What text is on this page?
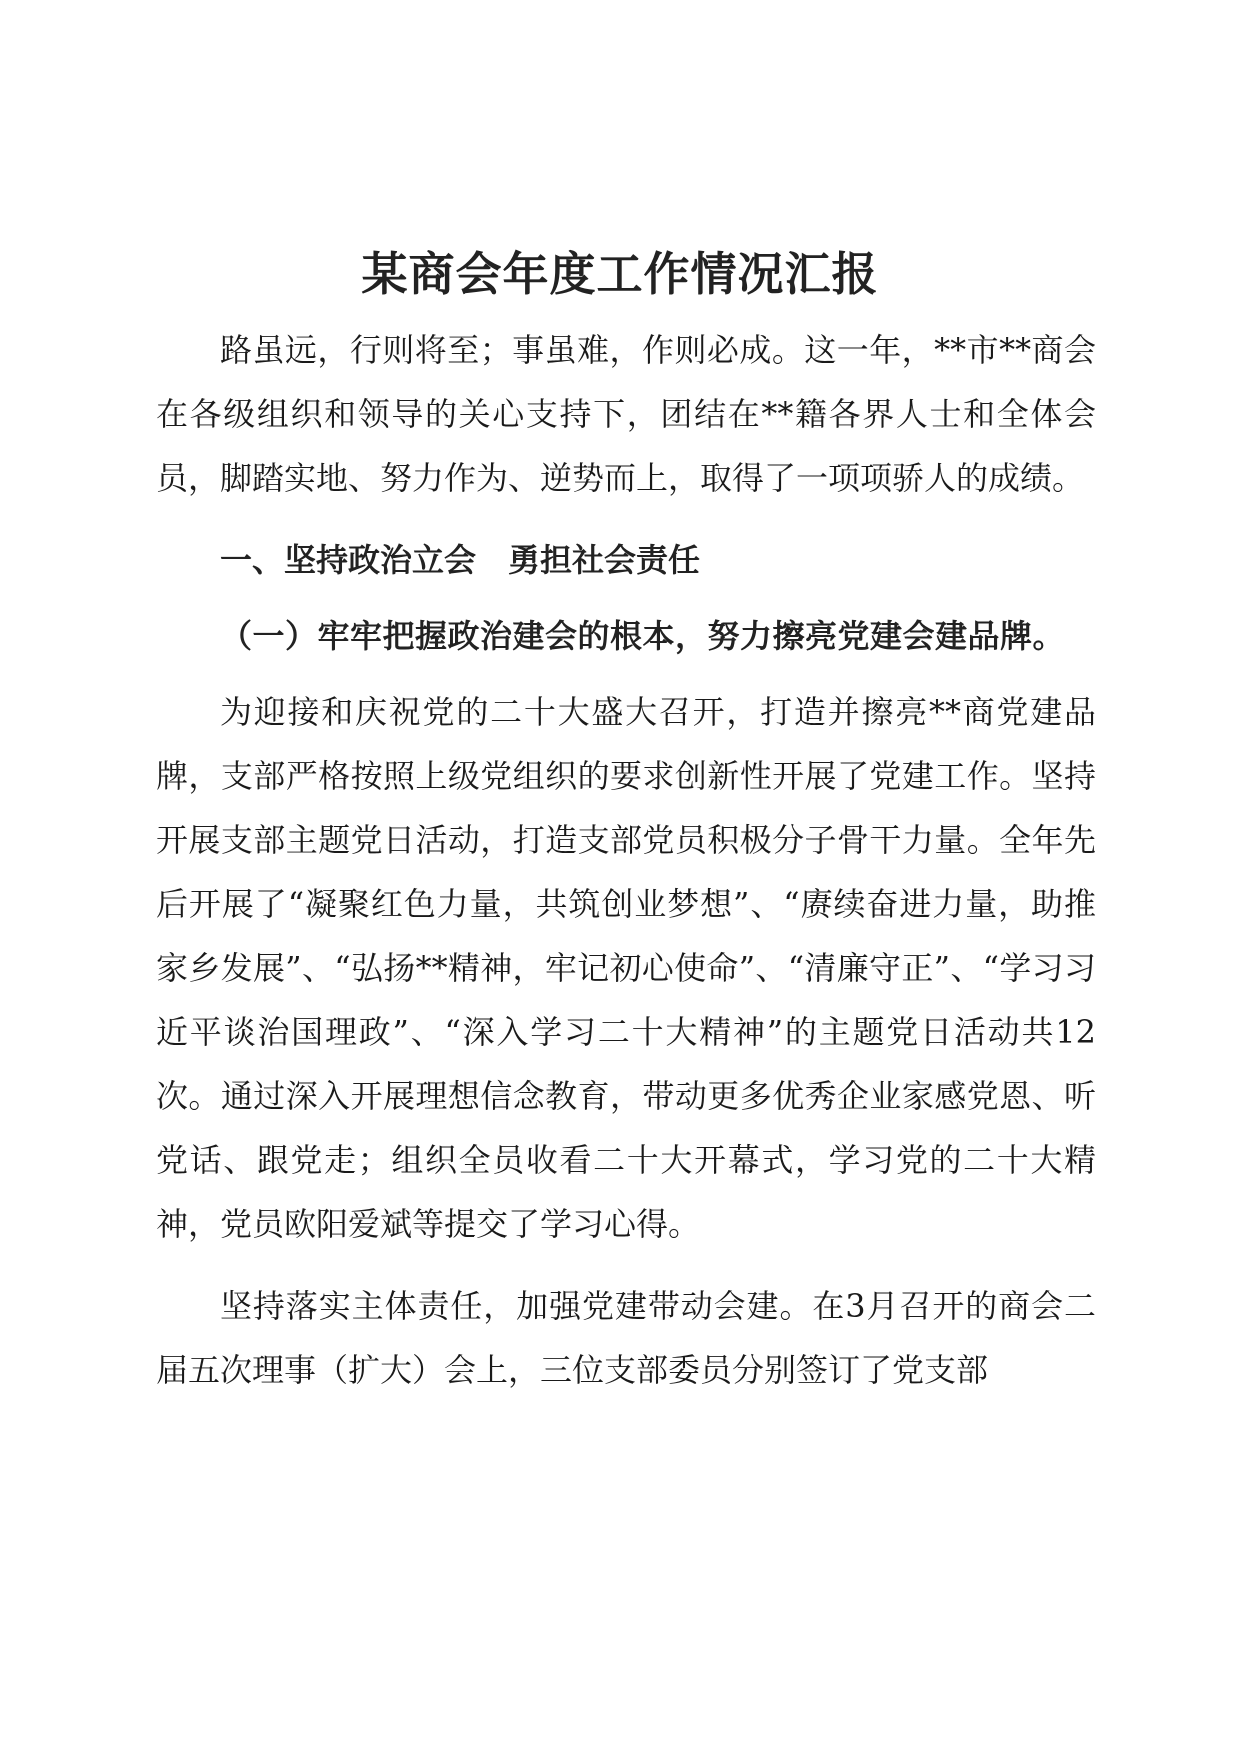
某商会年度工作情况汇报

路虽远，行则将至；事虽难，作则必成。这一年，**市**商会在各级组织和领导的关心支持下，团结在**籍各界人士和全体会员，脚踏实地、努力作为、逆势而上，取得了一项项骄人的成绩。

一、坚持政治立会　勇担社会责任

（一）牢牢把握政治建会的根本，努力擦亮党建会建品牌。

为迎接和庆祝党的二十大盛大召开，打造并擦亮**商党建品牌，支部严格按照上级党组织的要求创新性开展了党建工作。坚持开展支部主题党日活动，打造支部党员积极分子骨干力量。全年先后开展了“凝聚红色力量，共筑创业梦想”、“赓续奋进力量，助推家乡发展”、“弘扬**精神，牢记初心使命”、“清廉守正”、“学习习近平谈治国理政”、“深入学习二十大精神”的主题党日活动共12次。通过深入开展理想信念教育，带动更多优秀企业家感党恩、听党话、跟党走；组织全员收看二十大开幕式，学习党的二十大精神，党员欧阳爱斌等提交了学习心得。

坚持落实主体责任，加强党建带动会建。在3月召开的商会二届五次理事（扩大）会上，三位支部委员分别签订了党支部
